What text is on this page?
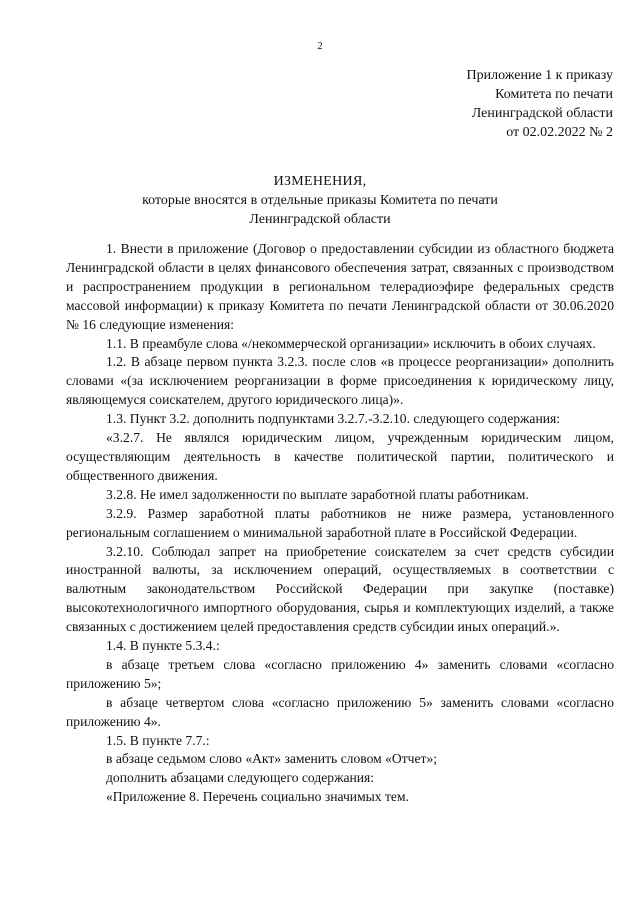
2
Приложение 1 к приказу
Комитета по печати
Ленинградской области
от 02.02.2022 № 2
ИЗМЕНЕНИЯ,
которые вносятся в отдельные приказы Комитета по печати
Ленинградской области

1. Внести в приложение (Договор о предоставлении субсидии из областного бюджета Ленинградской области в целях финансового обеспечения затрат, связанных с производством и распространением продукции в региональном телерадиоэфире федеральных средств массовой информации) к приказу Комитета по печати Ленинградской области от 30.06.2020 № 16 следующие изменения:

1.1. В преамбуле слова «/некоммерческой организации» исключить в обоих случаях.

1.2. В абзаце первом пункта 3.2.3. после слов «в процессе реорганизации» дополнить словами «(за исключением реорганизации в форме присоединения к юридическому лицу, являющемуся соискателем, другого юридического лица)».

1.3. Пункт 3.2. дополнить подпунктами 3.2.7.-3.2.10. следующего содержания:

«3.2.7. Не являлся юридическим лицом, учрежденным юридическим лицом, осуществляющим деятельность в качестве политической партии, политического и общественного движения.

3.2.8. Не имел задолженности по выплате заработной платы работникам.

3.2.9. Размер заработной платы работников не ниже размера, установленного региональным соглашением о минимальной заработной плате в Российской Федерации.

3.2.10. Соблюдал запрет на приобретение соискателем за счет средств субсидии иностранной валюты, за исключением операций, осуществляемых в соответствии с валютным законодательством Российской Федерации при закупке (поставке) высокотехнологичного импортного оборудования, сырья и комплектующих изделий, а также связанных с достижением целей предоставления средств субсидии иных операций.».

1.4. В пункте 5.3.4.:

в абзаце третьем слова «согласно приложению 4» заменить словами «согласно приложению 5»;

в абзаце четвертом слова «согласно приложению 5» заменить словами «согласно приложению 4».

1.5. В пункте 7.7.:

в абзаце седьмом слово «Акт» заменить словом «Отчет»;

дополнить абзацами следующего содержания:

«Приложение 8. Перечень социально значимых тем.
